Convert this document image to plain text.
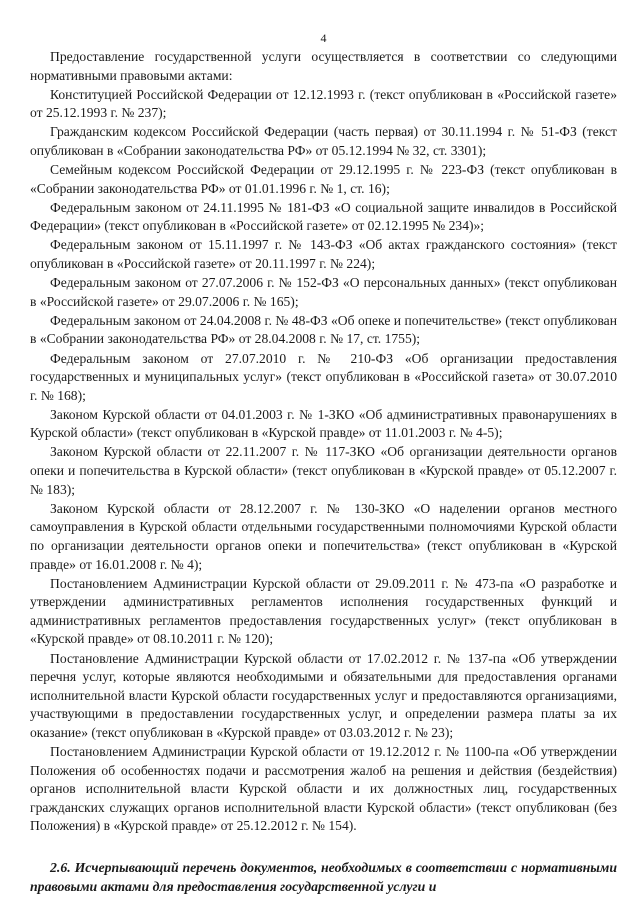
4

Предоставление государственной услуги осуществляется в соответствии со следующими нормативными правовыми актами:

Конституцией Российской Федерации от 12.12.1993 г. (текст опубликован в «Российской газете» от 25.12.1993 г. № 237);

Гражданским кодексом Российской Федерации (часть первая) от 30.11.1994 г. № 51-ФЗ (текст опубликован в «Собрании законодательства РФ» от 05.12.1994 № 32, ст. 3301);

Семейным кодексом Российской Федерации от 29.12.1995 г. № 223-ФЗ (текст опубликован в «Собрании законодательства РФ» от 01.01.1996 г. № 1, ст. 16);

Федеральным законом от 24.11.1995 № 181-ФЗ «О социальной защите инвалидов в Российской Федерации» (текст опубликован в «Российской газете» от 02.12.1995 № 234)»;

Федеральным законом от 15.11.1997 г. № 143-ФЗ «Об актах гражданского состояния» (текст опубликован в «Российской газете» от 20.11.1997 г. № 224);

Федеральным законом от 27.07.2006 г. № 152-ФЗ «О персональных данных» (текст опубликован в «Российской газете» от 29.07.2006 г. № 165);

Федеральным законом от 24.04.2008 г. № 48-ФЗ «Об опеке и попечительстве» (текст опубликован в «Собрании законодательства РФ» от 28.04.2008 г. № 17, ст. 1755);

Федеральным законом от 27.07.2010 г. № 210-ФЗ «Об организации предоставления государственных и муниципальных услуг» (текст опубликован в «Российской газета» от 30.07.2010 г. № 168);

Законом Курской области от 04.01.2003 г. № 1-ЗКО «Об административных правонарушениях в Курской области» (текст опубликован в «Курской правде» от 11.01.2003 г. № 4-5);

Законом Курской области от 22.11.2007 г. № 117-ЗКО «Об организации деятельности органов опеки и попечительства в Курской области» (текст опубликован в «Курской правде» от 05.12.2007 г. № 183);

Законом Курской области от 28.12.2007 г. № 130-ЗКО «О наделении органов местного самоуправления в Курской области отдельными государственными полномочиями Курской области по организации деятельности органов опеки и попечительства» (текст опубликован в «Курской правде» от 16.01.2008 г. № 4);

Постановлением Администрации Курской области от 29.09.2011 г. № 473-па «О разработке и утверждении административных регламентов исполнения государственных функций и административных регламентов предоставления государственных услуг» (текст опубликован в «Курской правде» от 08.10.2011 г. № 120);

Постановление Администрации Курской области от 17.02.2012 г. № 137-па «Об утверждении перечня услуг, которые являются необходимыми и обязательными для предоставления органами исполнительной власти Курской области государственных услуг и предоставляются организациями, участвующими в предоставлении государственных услуг, и определении размера платы за их оказание» (текст опубликован в «Курской правде» от 03.03.2012 г. № 23);

Постановлением Администрации Курской области от 19.12.2012 г. № 1100-па «Об утверждении Положения об особенностях подачи и рассмотрения жалоб на решения и действия (бездействия) органов исполнительной власти Курской области и их должностных лиц, государственных гражданских служащих органов исполнительной власти Курской области» (текст опубликован (без Положения) в «Курской правде» от 25.12.2012 г. № 154).

2.6. Исчерпывающий перечень документов, необходимых в соответствии с нормативными правовыми актами для предоставления государственной услуги и
